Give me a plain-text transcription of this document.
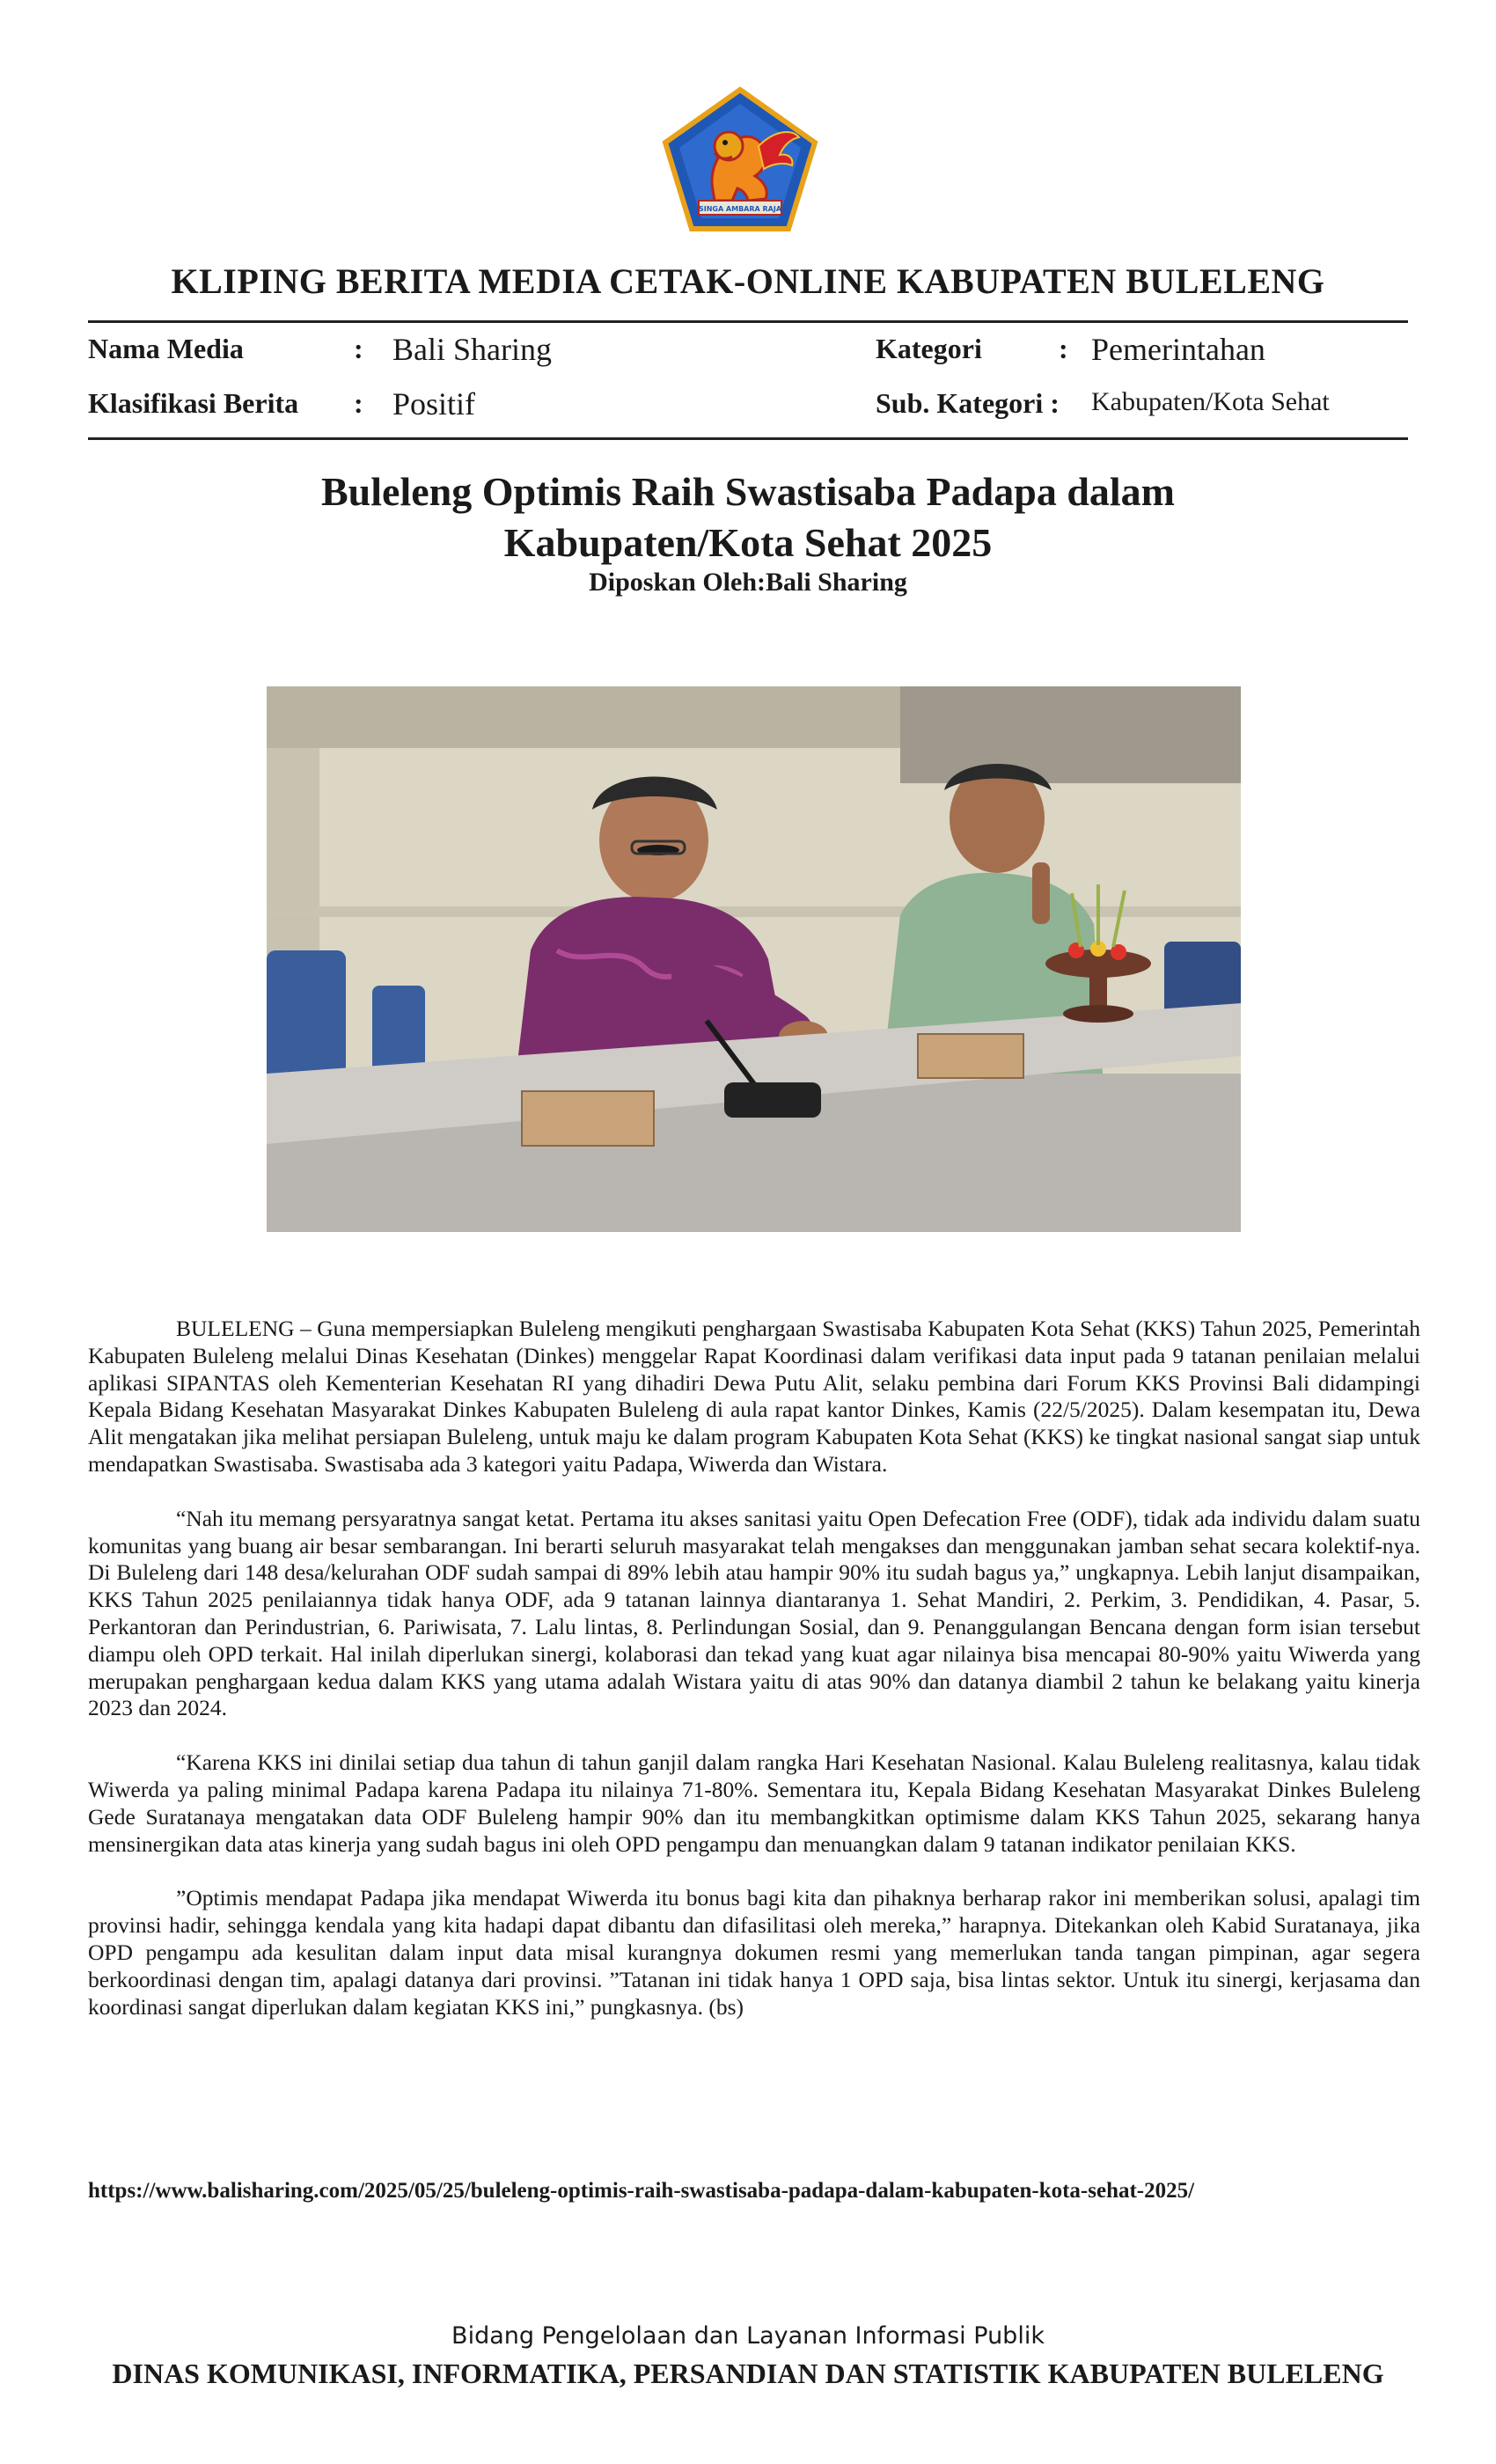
SINGA AMBARA RAJA
KLIPING BERITA MEDIA CETAK-ONLINE KABUPATEN BULELENG
Nama Media	: Bali Sharing	Kategori	: Pemerintahan
Klasifikasi Berita : Positif	Sub. Kategori : Kabupaten/Kota Sehat
Buleleng Optimis Raih Swastisaba Padapa dalam
Kabupaten/Kota Sehat 2025
Diposkan Oleh:Bali Sharing

BULELENG – Guna mempersiapkan Buleleng mengikuti penghargaan Swastisaba Kabupaten Kota Sehat (KKS) Tahun 2025, Pemerintah Kabupaten Buleleng melalui Dinas Kesehatan (Dinkes) menggelar Rapat Koordinasi dalam verifikasi data input pada 9 tatanan penilaian melalui aplikasi SIPANTAS oleh Kementerian Kesehatan RI yang dihadiri Dewa Putu Alit, selaku pembina dari Forum KKS Provinsi Bali didampingi Kepala Bidang Kesehatan Masyarakat Dinkes Kabupaten Buleleng di aula rapat kantor Dinkes, Kamis (22/5/2025). Dalam kesempatan itu, Dewa Alit mengatakan jika melihat persiapan Buleleng, untuk maju ke dalam program Kabupaten Kota Sehat (KKS) ke tingkat nasional sangat siap untuk mendapatkan Swastisaba. Swastisaba ada 3 kategori yaitu Padapa, Wiwerda dan Wistara.

“Nah itu memang persyaratnya sangat ketat. Pertama itu akses sanitasi yaitu Open Defecation Free (ODF), tidak ada individu dalam suatu komunitas yang buang air besar sembarangan. Ini berarti seluruh masyarakat telah mengakses dan menggunakan jamban sehat secara kolektif-nya. Di Buleleng dari 148 desa/kelurahan ODF sudah sampai di 89% lebih atau hampir 90% itu sudah bagus ya,” ungkapnya. Lebih lanjut disampaikan, KKS Tahun 2025 penilaiannya tidak hanya ODF, ada 9 tatanan lainnya diantaranya 1. Sehat Mandiri, 2. Perkim, 3. Pendidikan, 4. Pasar, 5. Perkantoran dan Perindustrian, 6. Pariwisata, 7. Lalu lintas, 8. Perlindungan Sosial, dan 9. Penanggulangan Bencana dengan form isian tersebut diampu oleh OPD terkait. Hal inilah diperlukan sinergi, kolaborasi dan tekad yang kuat agar nilainya bisa mencapai 80-90% yaitu Wiwerda yang merupakan penghargaan kedua dalam KKS yang utama adalah Wistara yaitu di atas 90% dan datanya diambil 2 tahun ke belakang yaitu kinerja 2023 dan 2024.

“Karena KKS ini dinilai setiap dua tahun di tahun ganjil dalam rangka Hari Kesehatan Nasional. Kalau Buleleng realitasnya, kalau tidak Wiwerda ya paling minimal Padapa karena Padapa itu nilainya 71-80%. Sementara itu, Kepala Bidang Kesehatan Masyarakat Dinkes Buleleng Gede Suratanaya mengatakan data ODF Buleleng hampir 90% dan itu membangkitkan optimisme dalam KKS Tahun 2025, sekarang hanya mensinergikan data atas kinerja yang sudah bagus ini oleh OPD pengampu dan menuangkan dalam 9 tatanan indikator penilaian KKS.

”Optimis mendapat Padapa jika mendapat Wiwerda itu bonus bagi kita dan pihaknya berharap rakor ini memberikan solusi, apalagi tim provinsi hadir, sehingga kendala yang kita hadapi dapat dibantu dan difasilitasi oleh mereka,” harapnya. Ditekankan oleh Kabid Suratanaya, jika OPD pengampu ada kesulitan dalam input data misal kurangnya dokumen resmi yang memerlukan tanda tangan pimpinan, agar segera berkoordinasi dengan tim, apalagi datanya dari provinsi. ”Tatanan ini tidak hanya 1 OPD saja, bisa lintas sektor. Untuk itu sinergi, kerjasama dan koordinasi sangat diperlukan dalam kegiatan KKS ini,” pungkasnya. (bs)

https://www.balisharing.com/2025/05/25/buleleng-optimis-raih-swastisaba-padapa-dalam-kabupaten-kota-sehat-2025/
Bidang Pengelolaan dan Layanan Informasi Publik
DINAS KOMUNIKASI, INFORMATIKA, PERSANDIAN DAN STATISTIK KABUPATEN BULELENG
